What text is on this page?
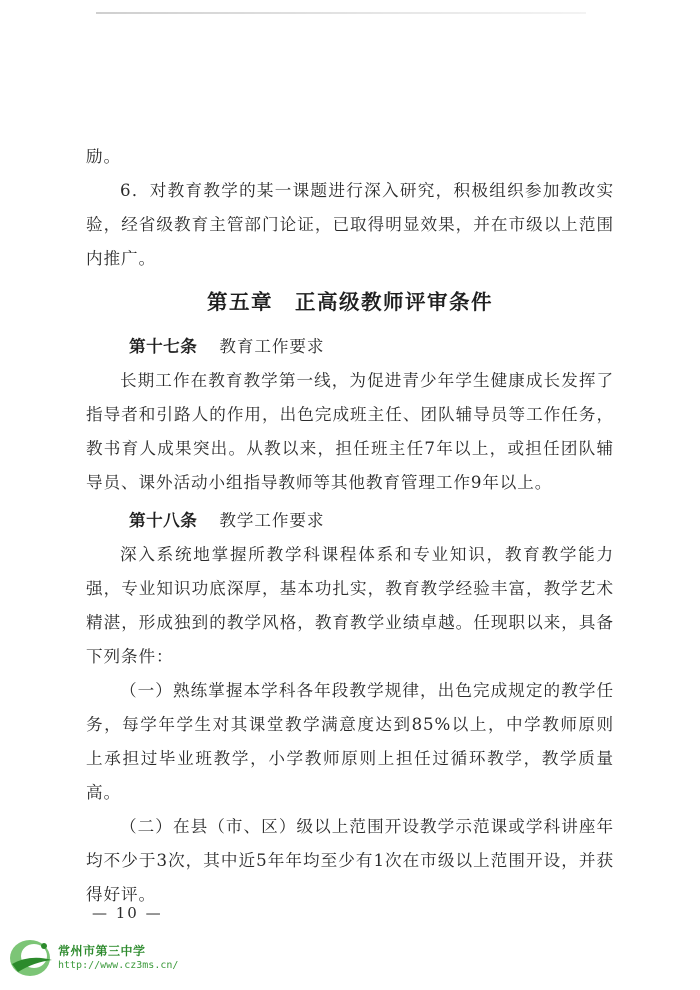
励。

6．对教育教学的某一课题进行深入研究，积极组织参加教改实验，经省级教育主管部门论证，已取得明显效果，并在市级以上范围内推广。

第五章 正高级教师评审条件

第十七条 教育工作要求

长期工作在教育教学第一线，为促进青少年学生健康成长发挥了指导者和引路人的作用，出色完成班主任、团队辅导员等工作任务，教书育人成果突出。从教以来，担任班主任7年以上，或担任团队辅导员、课外活动小组指导教师等其他教育管理工作9年以上。

第十八条 教学工作要求

深入系统地掌握所教学科课程体系和专业知识，教育教学能力强，专业知识功底深厚，基本功扎实，教育教学经验丰富，教学艺术精湛，形成独到的教学风格，教育教学业绩卓越。任现职以来，具备下列条件：

（一）熟练掌握本学科各年段教学规律，出色完成规定的教学任务，每学年学生对其课堂教学满意度达到85%以上，中学教师原则上承担过毕业班教学，小学教师原则上担任过循环教学，教学质量高。

（二）在县（市、区）级以上范围开设教学示范课或学科讲座年均不少于3次，其中近5年年均至少有1次在市级以上范围开设，并获得好评。

— 10 —
常州市第三中学
http://www.cz3ms.cn/
